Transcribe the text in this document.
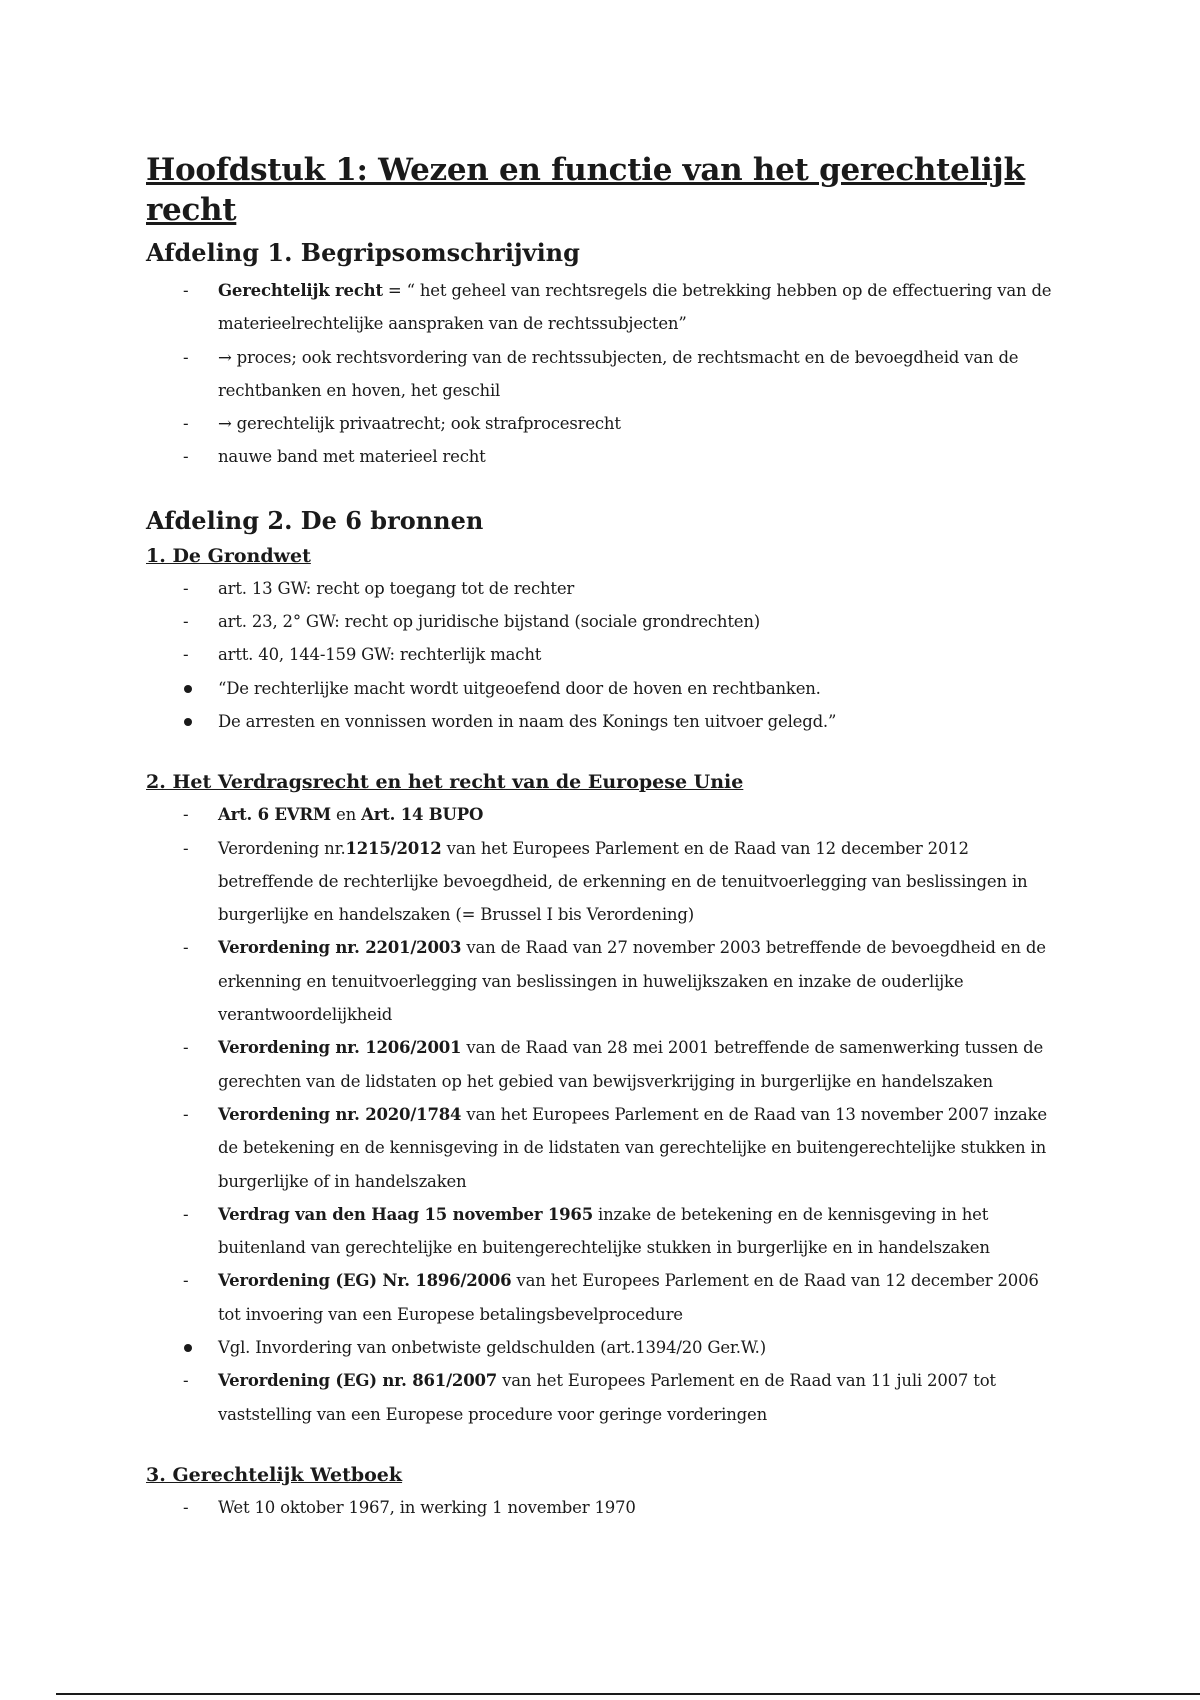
Hoofdstuk 1: Wezen en functie van het gerechtelijk recht
Afdeling 1. Begripsomschrijving
- Gerechtelijk recht = “ het geheel van rechtsregels die betrekking hebben op de effectuering van de materieelrechtelijke aanspraken van de rechtssubjecten”
- → proces; ook rechtsvordering van de rechtssubjecten, de rechtsmacht en de bevoegdheid van de rechtbanken en hoven, het geschil
- → gerechtelijk privaatrecht; ook strafprocesrecht
- nauwe band met materieel recht
Afdeling 2. De 6 bronnen
1. De Grondwet
- art. 13 GW: recht op toegang tot de rechter
- art. 23, 2° GW: recht op juridische bijstand (sociale grondrechten)
- artt. 40, 144-159 GW: rechterlijk macht
“De rechterlijke macht wordt uitgeoefend door de hoven en rechtbanken.
De arresten en vonnissen worden in naam des Konings ten uitvoer gelegd.”
2. Het Verdragsrecht en het recht van de Europese Unie
- Art. 6 EVRM en Art. 14 BUPO
- Verordening nr.1215/2012 van het Europees Parlement en de Raad van 12 december 2012 betreffende de rechterlijke bevoegdheid, de erkenning en de tenuitvoerlegging van beslissingen in burgerlijke en handelszaken (= Brussel I bis Verordening)
- Verordening nr. 2201/2003 van de Raad van 27 november 2003 betreffende de bevoegdheid en de erkenning en tenuitvoerlegging van beslissingen in huwelijkszaken en inzake de ouderlijke verantwoordelijkheid
- Verordening nr. 1206/2001 van de Raad van 28 mei 2001 betreffende de samenwerking tussen de gerechten van de lidstaten op het gebied van bewijsverkrijging in burgerlijke en handelszaken
- Verordening nr. 2020/1784 van het Europees Parlement en de Raad van 13 november 2007 inzake de betekening en de kennisgeving in de lidstaten van gerechtelijke en buitengerechtelijke stukken in burgerlijke of in handelszaken
- Verdrag van den Haag 15 november 1965 inzake de betekening en de kennisgeving in het buitenland van gerechtelijke en buitengerechtelijke stukken in burgerlijke en in handelszaken
- Verordening (EG) Nr. 1896/2006 van het Europees Parlement en de Raad van 12 december 2006 tot invoering van een Europese betalingsbevelprocedure
Vgl. Invordering van onbetwiste geldschulden (art.1394/20 Ger.W.)
- Verordening (EG) nr. 861/2007 van het Europees Parlement en de Raad van 11 juli 2007 tot vaststelling van een Europese procedure voor geringe vorderingen
3. Gerechtelijk Wetboek
- Wet 10 oktober 1967, in werking 1 november 1970
